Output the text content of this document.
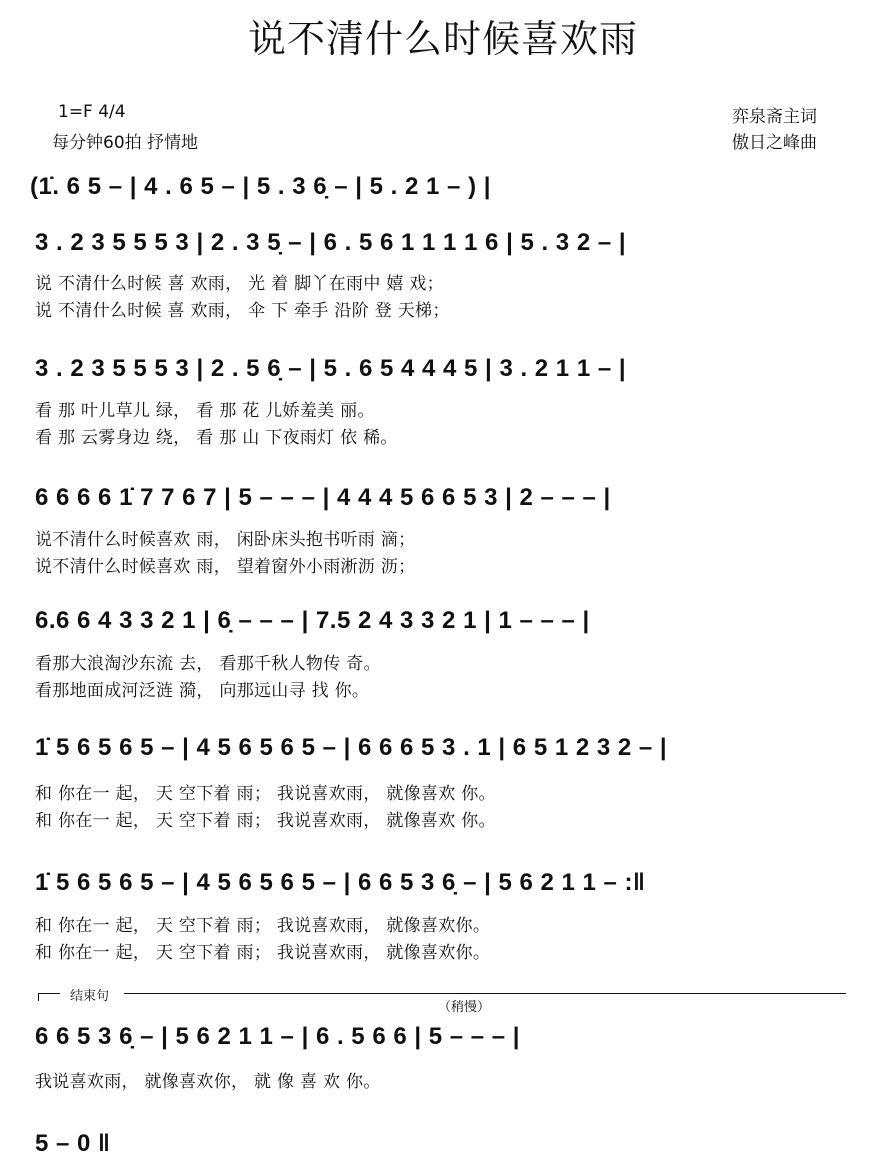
说不清什么时候喜欢雨
1=F 4/4
每分钟60拍 抒情地
弈泉斋主词
傲日之峰曲
(1̇. 6 5 – | 4 . 6 5 – | 5 . 3 6̣ – | 5 . 2 1 – ) |
3 . 2 3 5 5 5 3 | 2 . 3 5̣ – | 6 . 5 6 1 1 1 1 6 | 5 . 3 2 – |
说 不清什么时候 喜 欢雨， 光 着 脚丫在雨中 嬉 戏；
说 不清什么时候 喜 欢雨， 伞 下 牵手 沿阶 登 天梯；
3 . 2 3 5 5 5 3 | 2 . 5 6̣ – | 5 . 6 5 4 4 4 5 | 3 . 2 1 1 – |
看 那 叶儿草儿 绿， 看 那 花 儿娇羞美 丽。
看 那 云雾身边 绕， 看 那 山 下夜雨灯 依 稀。
6 6 6 6 1̇ 7 7 6 7 | 5 – – – | 4 4 4 5 6 6 5 3 | 2 – – – |
说不清什么时候喜欢 雨， 闲卧床头抱书听雨 滴；
说不清什么时候喜欢 雨， 望着窗外小雨淅沥 沥；
6.6 6 4 3 3 2 1 | 6̣ – – – | 7.5 2 4 3 3 2 1 | 1 – – – |
看那大浪淘沙东流 去， 看那千秋人物传 奇。
看那地面成河泛涟 漪， 向那远山寻 找 你。
1̇ 5 6 5 6 5 – | 4 5 6 5 6 5 – | 6 6 6 5 3 . 1 | 6 5 1 2 3 2 – |
和 你在一 起， 天 空下着 雨； 我说喜欢雨， 就像喜欢 你。
和 你在一 起， 天 空下着 雨； 我说喜欢雨， 就像喜欢 你。
1̇ 5 6 5 6 5 – | 4 5 6 5 6 5 – | 6 6 5 3 6̣ – | 5 6 2 1 1 – :‖
和 你在一 起， 天 空下着 雨； 我说喜欢雨， 就像喜欢你。
和 你在一 起， 天 空下着 雨； 我说喜欢雨， 就像喜欢你。
结束句
（稍慢）
6 6 5 3 6̣ – | 5 6 2 1 1 – | 6 . 5 6 6 | 5 – – – |
我说喜欢雨， 就像喜欢你， 就 像 喜 欢 你。
5 – 0 ‖
